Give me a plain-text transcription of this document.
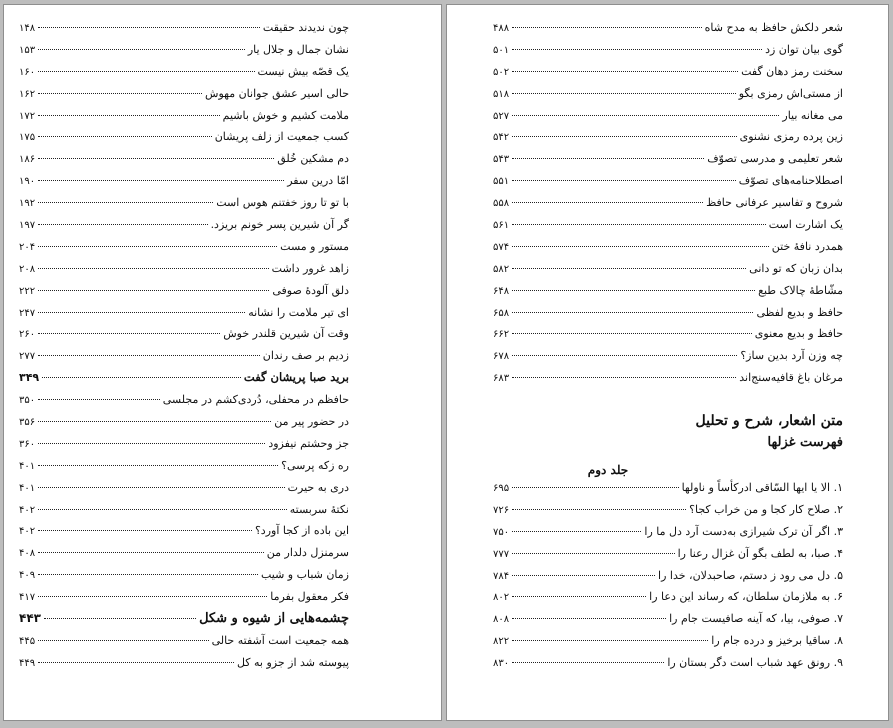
چون ندیدند حقیقت
۱۴۸
نشان جمال و جلال یار
۱۵۳
یک قصّه بیش نیست
۱۶۰
حالی اسیر عشق جوانان مهوش
۱۶۲
ملامت کشیم و خوش باشیم
۱۷۲
کسب جمعیت از زلف پریشان
۱۷۵
دم مشکین خُلق
۱۸۶
امّا درین سفر
۱۹۰
با تو تا روز خفتنم هوس است
۱۹۲
گر آن شیرین پسر خونم بریزد.
۱۹۷
مستور و مست
۲۰۴
زاهد غرور داشت
۲۰۸
دلق آلودهٔ صوفی
۲۲۲
ای تیر ملامت را نشانه
۲۴۷
وقت آن شیرین قلندر خوش
۲۶۰
زدیم بر صف رندان
۲۷۷
برید صبا پریشان گفت
۳۴۹
حافظم در محفلی، دُردی‌کشم در مجلسی
۳۵۰
در حضور پیر من
۳۵۶
جز وحشتم نیفزود
۳۶۰
ره زکه پرسی؟
۴۰۱
دری به حیرت
۴۰۱
نکتهٔ سربسته
۴۰۲
این باده از کجا آورد؟
۴۰۲
سرمنزل دلدار من
۴۰۸
زمان شباب و شیب
۴۰۹
فکر معقول بفرما
۴۱۷
چشمه‌هایی از شیوه و شکل
۴۴۳
همه جمعیت است آشفته حالی
۴۴۵
پیوسته شد از جزو به کل
۴۴۹
شعر دلکش حافظ به مدح شاه
۴۸۸
گوی بیان توان زد
۵۰۱
سخنت رمز دهان گفت
۵۰۲
از مستی‌اش رمزی بگو
۵۱۸
می مغانه بیار
۵۲۷
زین پرده رمزی نشنوی
۵۴۲
شعر تعلیمی و مدرسی تصوّف
۵۴۳
اصطلاحنامه‌های تصوّف
۵۵۱
شروح و تفاسیر عرفانی حافظ
۵۵۸
یک اشارت است
۵۶۱
همدرد نافهٔ ختن
۵۷۴
بدان زبان که تو دانی
۵۸۲
مشّاطهٔ چالاک طبع
۶۴۸
حافظ و بدیع لفظی
۶۵۸
حافظ و بدیع معنوی
۶۶۲
چه وزن آرد بدین ساز؟
۶۷۸
مرغان باغ قافیه‌سنج‌اند
۶۸۳
متن اشعار، شرح و تحلیل
فهرست غزلها
جلد دوم
۱. الا یا ایها السّاقی ادرکأساً و ناولها
۶۹۵
۲. صلاح کار کجا و من خراب کجا؟
۷۲۶
۳. اگر آن ترک شیرازی به‌دست آرد دل ما را
۷۵۰
۴. صبا، به لطف بگو آن غزال رعنا را
۷۷۷
۵. دل می رود ز دستم، صاحبدلان، خدا را
۷۸۴
۶. به ملازمان سلطان، که رساند این دعا را
۸۰۲
۷. صوفی، بیا، که آینه صافیست جام را
۸۰۸
۸. ساقیا برخیز و درده جام را
۸۲۲
۹. رونق عهد شباب است دگر بستان را
۸۳۰
